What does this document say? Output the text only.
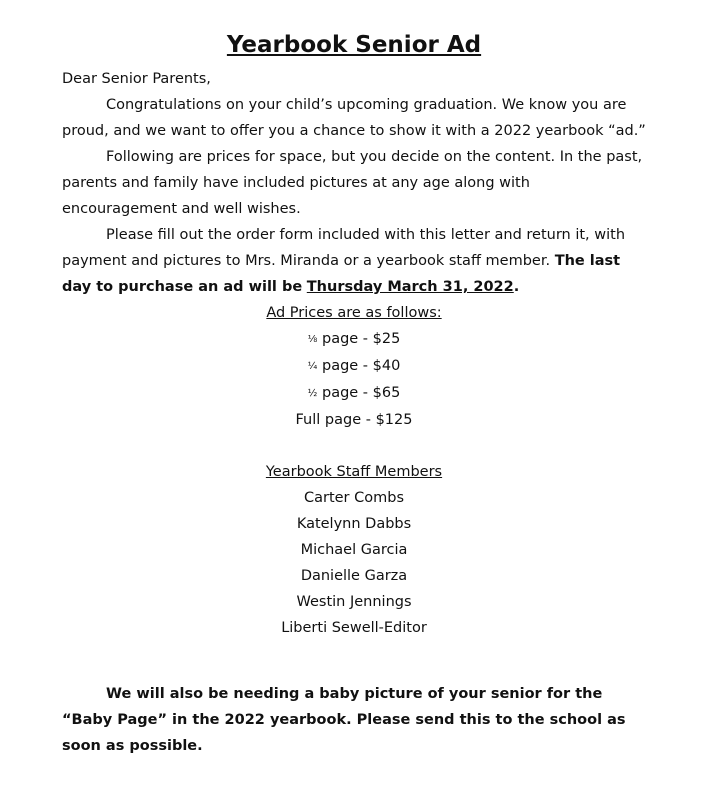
Yearbook Senior Ad

Dear Senior Parents,

Congratulations on your child’s upcoming graduation. We know you are proud, and we want to offer you a chance to show it with a 2022 yearbook “ad.”

Following are prices for space, but you decide on the content. In the past, parents and family have included pictures at any age along with encouragement and well wishes.

Please fill out the order form included with this letter and return it, with payment and pictures to Mrs. Miranda or a yearbook staff member. The last day to purchase an ad will be Thursday March 31, 2022.

Ad Prices are as follows:
⅛ page - $25
¼ page - $40
½ page - $65
Full page - $125
Yearbook Staff Members
Carter Combs
Katelynn Dabbs
Michael Garcia
Danielle Garza
Westin Jennings
Liberti Sewell-Editor

We will also be needing a baby picture of your senior for the “Baby Page” in the 2022 yearbook. Please send this to the school as soon as possible.
